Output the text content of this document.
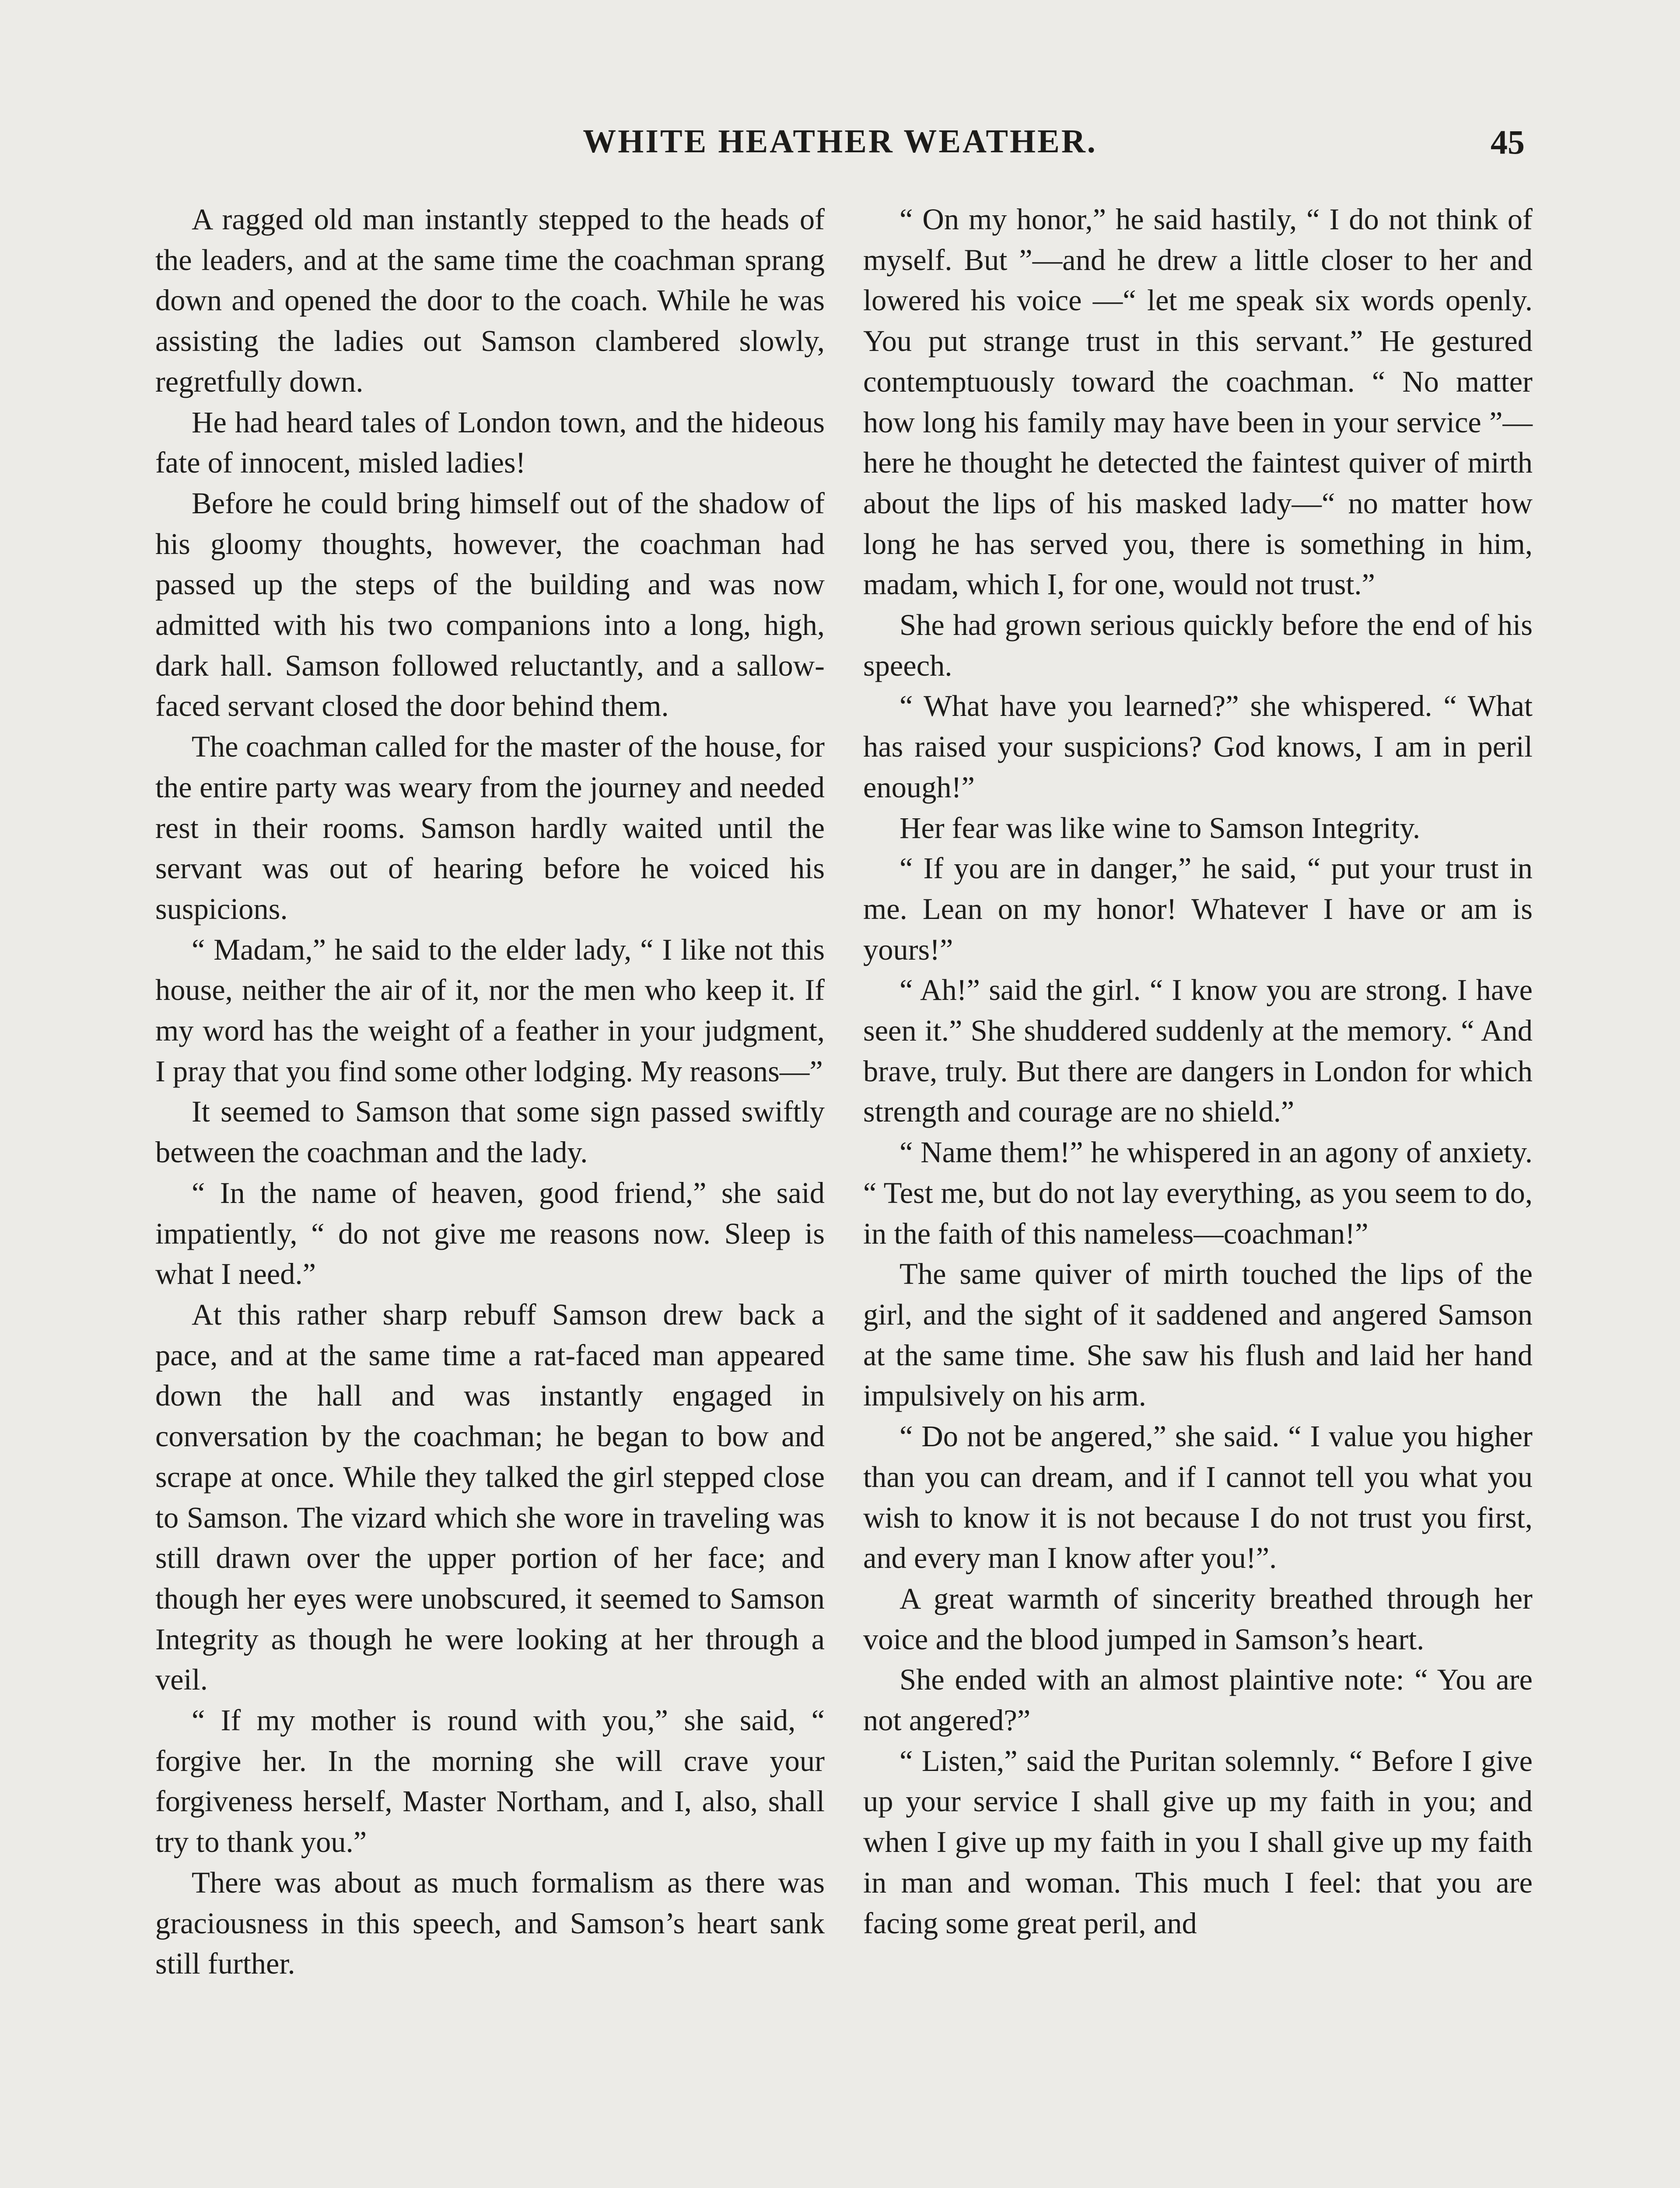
WHITE HEATHER WEATHER.	45

A ragged old man instantly stepped to the heads of the leaders, and at the same time the coachman sprang down and opened the door to the coach. While he was assisting the ladies out Samson clambered slowly, regretfully down.

He had heard tales of London town, and the hideous fate of innocent, misled ladies!

Before he could bring himself out of the shadow of his gloomy thoughts, however, the coachman had passed up the steps of the building and was now admitted with his two companions into a long, high, dark hall. Samson followed reluctantly, and a sallow-faced servant closed the door behind them.

The coachman called for the master of the house, for the entire party was weary from the journey and needed rest in their rooms. Samson hardly waited until the servant was out of hearing before he voiced his suspicions.

“ Madam,” he said to the elder lady, “ I like not this house, neither the air of it, nor the men who keep it. If my word has the weight of a feather in your judgment, I pray that you find some other lodging. My reasons—”

It seemed to Samson that some sign passed swiftly between the coachman and the lady.

“ In the name of heaven, good friend,” she said impatiently, “ do not give me reasons now. Sleep is what I need.”

At this rather sharp rebuff Samson drew back a pace, and at the same time a rat-faced man appeared down the hall and was instantly engaged in conversation by the coachman; he began to bow and scrape at once. While they talked the girl stepped close to Samson. The vizard which she wore in traveling was still drawn over the upper portion of her face; and though her eyes were unobscured, it seemed to Samson Integrity as though he were looking at her through a veil.

“ If my mother is round with you,” she said, “ forgive her. In the morning she will crave your forgiveness herself, Master Northam, and I, also, shall try to thank you.”

There was about as much formalism as there was graciousness in this speech, and Samson’s heart sank still further.

“ On my honor,” he said hastily, “ I do not think of myself. But ”—and he drew a little closer to her and lowered his voice —“ let me speak six words openly. You put strange trust in this servant.” He gestured contemptuously toward the coachman. “ No matter how long his family may have been in your service ”—here he thought he detected the faintest quiver of mirth about the lips of his masked lady—“ no matter how long he has served you, there is something in him, madam, which I, for one, would not trust.”

She had grown serious quickly before the end of his speech.

“ What have you learned?” she whispered. “ What has raised your suspicions? God knows, I am in peril enough!”

Her fear was like wine to Samson Integrity.

“ If you are in danger,” he said, “ put your trust in me. Lean on my honor! Whatever I have or am is yours!”

“ Ah!” said the girl. “ I know you are strong. I have seen it.” She shuddered suddenly at the memory. “ And brave, truly. But there are dangers in London for which strength and courage are no shield.”

“ Name them!” he whispered in an agony of anxiety. “ Test me, but do not lay everything, as you seem to do, in the faith of this nameless—coachman!”

The same quiver of mirth touched the lips of the girl, and the sight of it saddened and angered Samson at the same time. She saw his flush and laid her hand impulsively on his arm.

“ Do not be angered,” she said. “ I value you higher than you can dream, and if I cannot tell you what you wish to know it is not because I do not trust you first, and every man I know after you!”.

A great warmth of sincerity breathed through her voice and the blood jumped in Samson’s heart.

She ended with an almost plaintive note: “ You are not angered?”

“ Listen,” said the Puritan solemnly. “ Before I give up your service I shall give up my faith in you; and when I give up my faith in you I shall give up my faith in man and woman. This much I feel: that you are facing some great peril, and
